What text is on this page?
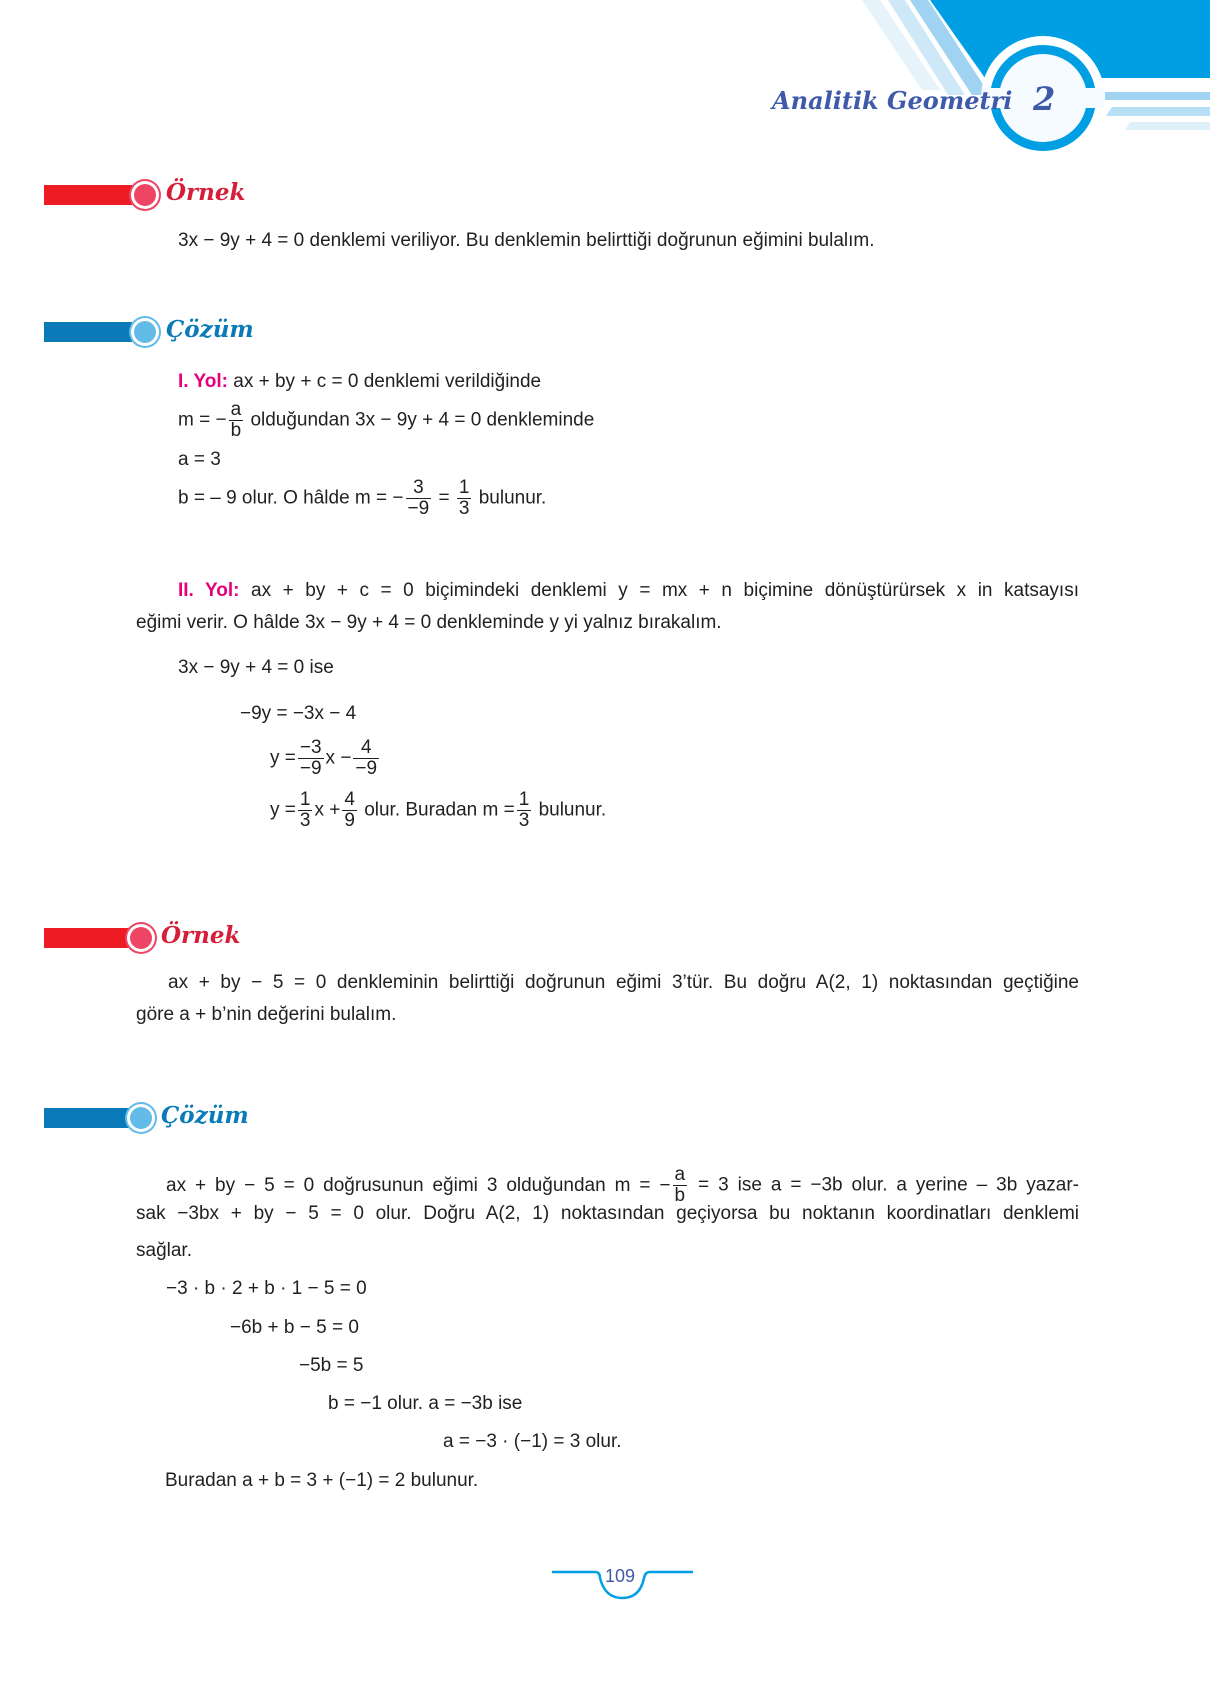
Analitik Geometri 2
Örnek
3x − 9y + 4 = 0 denklemi veriliyor. Bu denklemin belirttiği doğrunun eğimini bulalım.
Çözüm
I. Yol: ax + by + c = 0 denklemi verildiğinde
m = − $\frac{a}{b}$ olduğundan 3x − 9y + 4 = 0 denkleminde
a = 3
b = – 9 olur. O hâlde m = − $\frac{3}{-9} = \frac{1}{3}$ bulunur.
II. Yol: ax + by + c = 0 biçimindeki denklemi y = mx + n biçimine dönüştürürsek x in katsayısı
eğimi verir. O hâlde 3x − 9y + 4 = 0 denkleminde y yi yalnız bırakalım.
3x − 9y + 4 = 0 ise
−9y = −3x − 4
$y = \frac{-3}{-9}$ $x - \frac{4}{-9}$
$y = \frac{1}{3}$ $x + \frac{4}{9}$ olur. Buradan $m = \frac{1}{3}$ bulunur.
Örnek
ax + by − 5 = 0 denkleminin belirttiği doğrunun eğimi 3’tür. Bu doğru A(2, 1) noktasından geçtiğine
göre a + b’nin değerini bulalım.
Çözüm
ax + by − 5 = 0 doğrusunun eğimi 3 olduğundan m = − $\frac{a}{b} = 3$ ise a = −3b olur. a yerine – 3b yazar-
sak −3bx + by − 5 = 0 olur. Doğru A(2, 1) noktasından geçiyorsa bu noktanın koordinatları denklemi
sağlar.
−3 · b · 2 + b · 1 − 5 = 0
−6b + b − 5 = 0
−5b = 5
b = −1 olur. a = −3b ise
a = −3 · (−1) = 3 olur.
Buradan a + b = 3 + (−1) = 2 bulunur.
109
